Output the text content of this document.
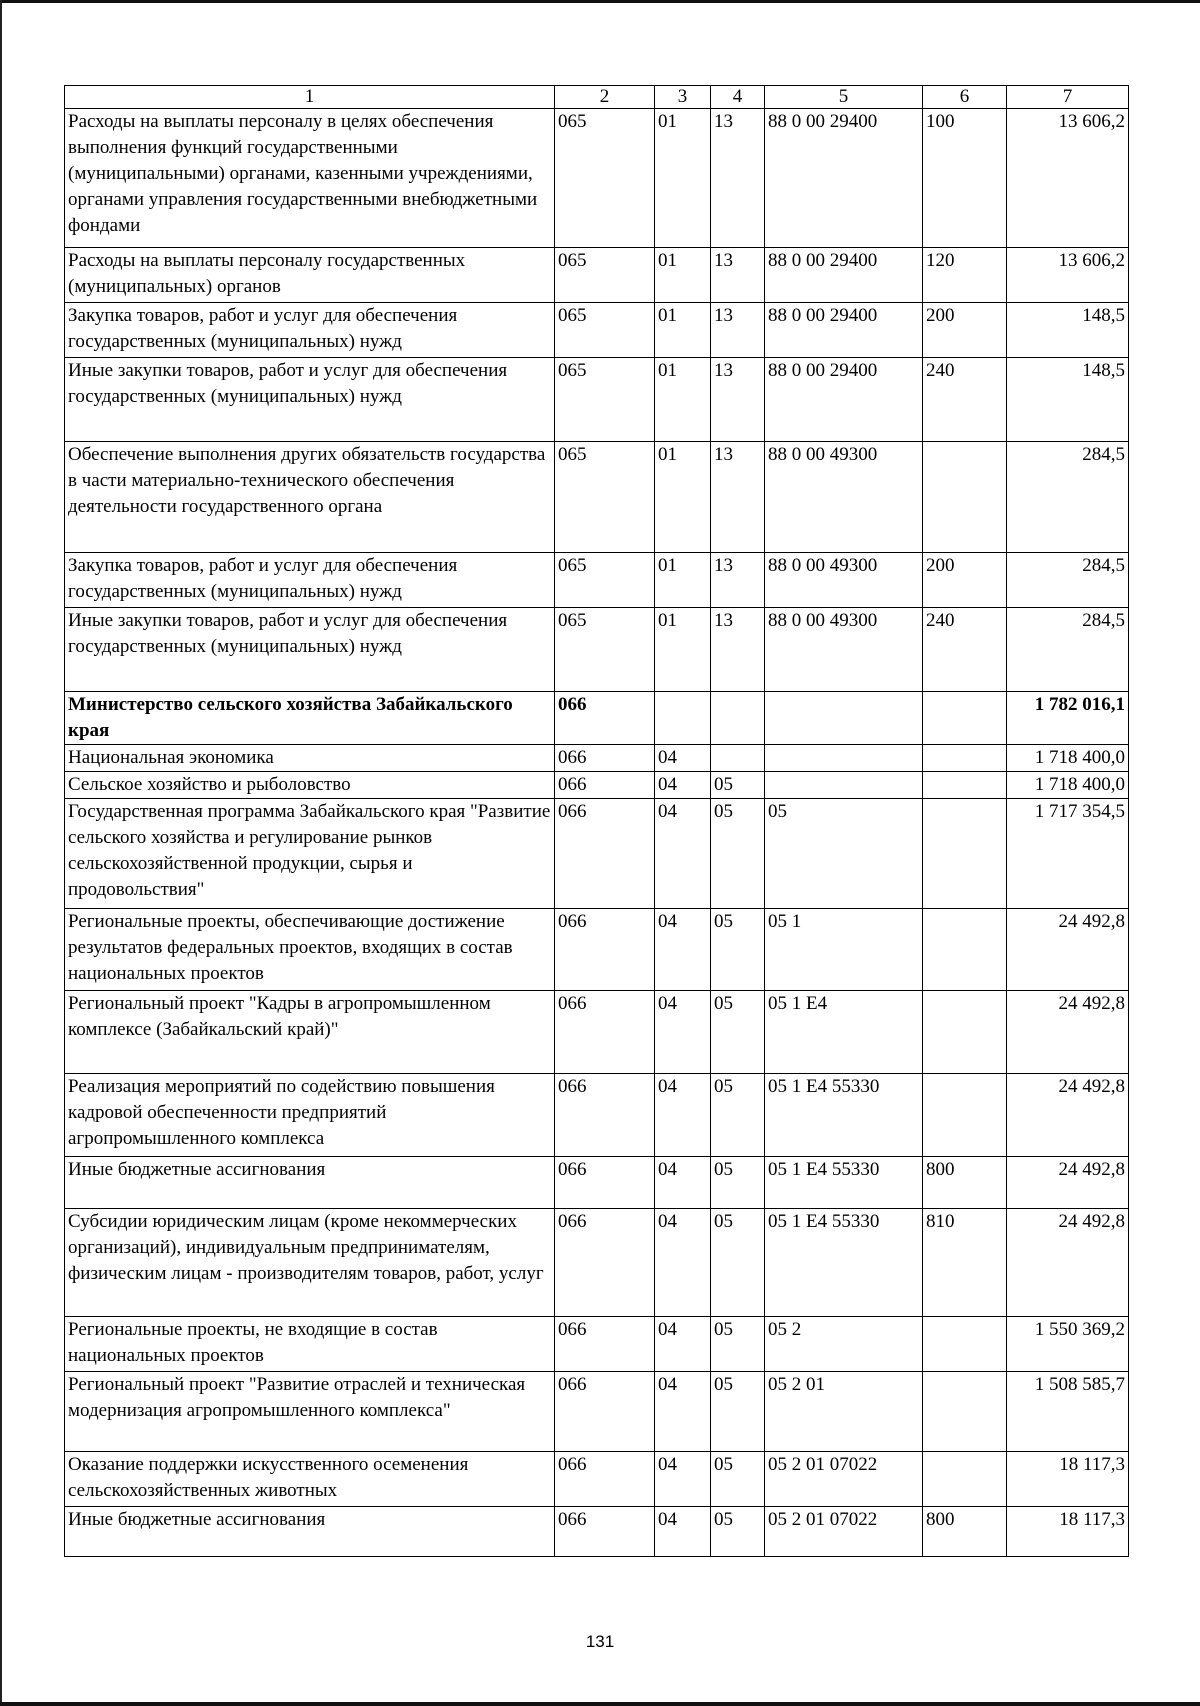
1	2	3	4	5	6	7
Расходы на выплаты персоналу в целях обеспечения выполнения функций государственными (муниципальными) органами, казенными учреждениями, органами управления государственными внебюджетными фондами	065	01	13	88 0 00 29400	100	13 606,2
Расходы на выплаты персоналу государственных (муниципальных) органов	065	01	13	88 0 00 29400	120	13 606,2
Закупка товаров, работ и услуг для обеспечения государственных (муниципальных) нужд	065	01	13	88 0 00 29400	200	148,5
Иные закупки товаров, работ и услуг для обеспечения государственных (муниципальных) нужд	065	01	13	88 0 00 29400	240	148,5
Обеспечение выполнения других обязательств государства в части материально-технического обеспечения деятельности государственного органа	065	01	13	88 0 00 49300		284,5
Закупка товаров, работ и услуг для обеспечения государственных (муниципальных) нужд	065	01	13	88 0 00 49300	200	284,5
Иные закупки товаров, работ и услуг для обеспечения государственных (муниципальных) нужд	065	01	13	88 0 00 49300	240	284,5
Министерство сельского хозяйства Забайкальского края	066					1 782 016,1
Национальная экономика	066	04				1 718 400,0
Сельское хозяйство и рыболовство	066	04	05			1 718 400,0
Государственная программа Забайкальского края "Развитие сельского хозяйства и регулирование рынков сельскохозяйственной продукции, сырья и продовольствия"	066	04	05	05		1 717 354,5
Региональные проекты, обеспечивающие достижение результатов федеральных проектов, входящих в состав национальных проектов	066	04	05	05 1		24 492,8
Региональный проект "Кадры в агропромышленном комплексе (Забайкальский край)"	066	04	05	05 1 Е4		24 492,8
Реализация мероприятий по содействию повышения кадровой обеспеченности предприятий агропромышленного комплекса	066	04	05	05 1 Е4 55330		24 492,8
Иные бюджетные ассигнования	066	04	05	05 1 Е4 55330	800	24 492,8
Субсидии юридическим лицам (кроме некоммерческих организаций), индивидуальным предпринимателям, физическим лицам - производителям товаров, работ, услуг	066	04	05	05 1 Е4 55330	810	24 492,8
Региональные проекты, не входящие в состав национальных проектов	066	04	05	05 2		1 550 369,2
Региональный проект "Развитие отраслей и техническая модернизация агропромышленного комплекса"	066	04	05	05 2 01		1 508 585,7
Оказание поддержки искусственного осеменения сельскохозяйственных животных	066	04	05	05 2 01 07022		18 117,3
Иные бюджетные ассигнования	066	04	05	05 2 01 07022	800	18 117,3
131
